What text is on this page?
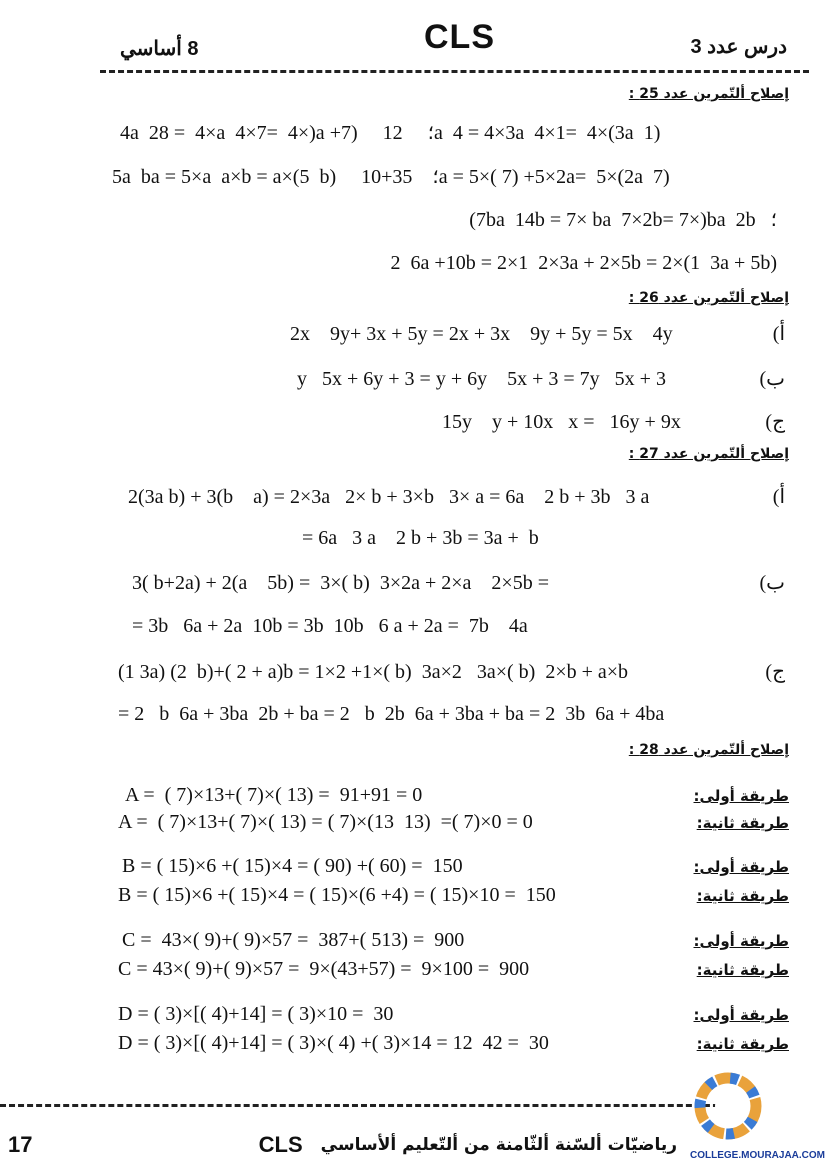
درس عدد 3
CLS
8 أساسي
إصلاح ألتّمرين عدد 25 :
4a  28 =  4×a  4×7=  4×)a +7)     ؛     12a  4 = 4×3a  4×1=  4×(3a  1)
5a  ba = 5×a  a×b = a×(5  b)     ؛    35+10a = 5×( 7) +5×2a=  5×(2a  7)
؛   7ba  14b = 7× ba  7×2b= 7×)ba  2b)
2  6a +10b = 2×1  2×3a + 2×5b = 2×(1  3a + 5b)
إصلاح ألتّمرين عدد 26 :
2x    9y+ 3x + 5y = 2x + 3x    9y + 5y = 5x    4y	أ)
y   5x + 6y + 3 = y + 6y    5x + 3 = 7y   5x + 3	ب)
15y    y + 10x   x =   16y + 9x	ج)
إصلاح ألتّمرين عدد 27 :
2(3a b) + 3(b    a) = 2×3a   2× b + 3×b   3× a = 6a    2 b + 3b   3 a	أ)
= 6a   3 a    2 b + 3b = 3a +  b
3( b+2a) + 2(a    5b) =  3×( b)  3×2a + 2×a    2×5b =	ب)
= 3b   6a + 2a  10b = 3b  10b   6 a + 2a =  7b    4a
(1 3a) (2  b)+( 2 + a)b = 1×2 +1×( b)  3a×2   3a×( b)  2×b + a×b	ج)
= 2   b  6a + 3ba  2b + ba = 2   b  2b  6a + 3ba + ba = 2  3b  6a + 4ba
إصلاح ألتّمرين عدد 28 :
A =  ( 7)×13+( 7)×( 13) =  91+91 = 0	طريقة أولى:
A =  ( 7)×13+( 7)×( 13) = ( 7)×(13  13)  =( 7)×0 = 0	طريقة ثانية:
B = ( 15)×6 +( 15)×4 = ( 90) +( 60) =  150	طريقة أولى:
B = ( 15)×6 +( 15)×4 = ( 15)×(6 +4) = ( 15)×10 =  150	طريقة ثانية:
C =  43×( 9)+( 9)×57 =  387+( 513) =  900	طريقة أولى:
C = 43×( 9)+( 9)×57 =  9×(43+57) =  9×100 =  900	طريقة ثانية:
D = ( 3)×[( 4)+14] = ( 3)×10 =  30	طريقة أولى:
D = ( 3)×[( 4)+14] = ( 3)×( 4) +( 3)×14 = 12  42 =  30	طريقة ثانية:
COLLEGE.MOURAJAA.COM
17	CLS رياضيّات ألسّنة ألثّامنة من ألتّعليم ألأساسي
